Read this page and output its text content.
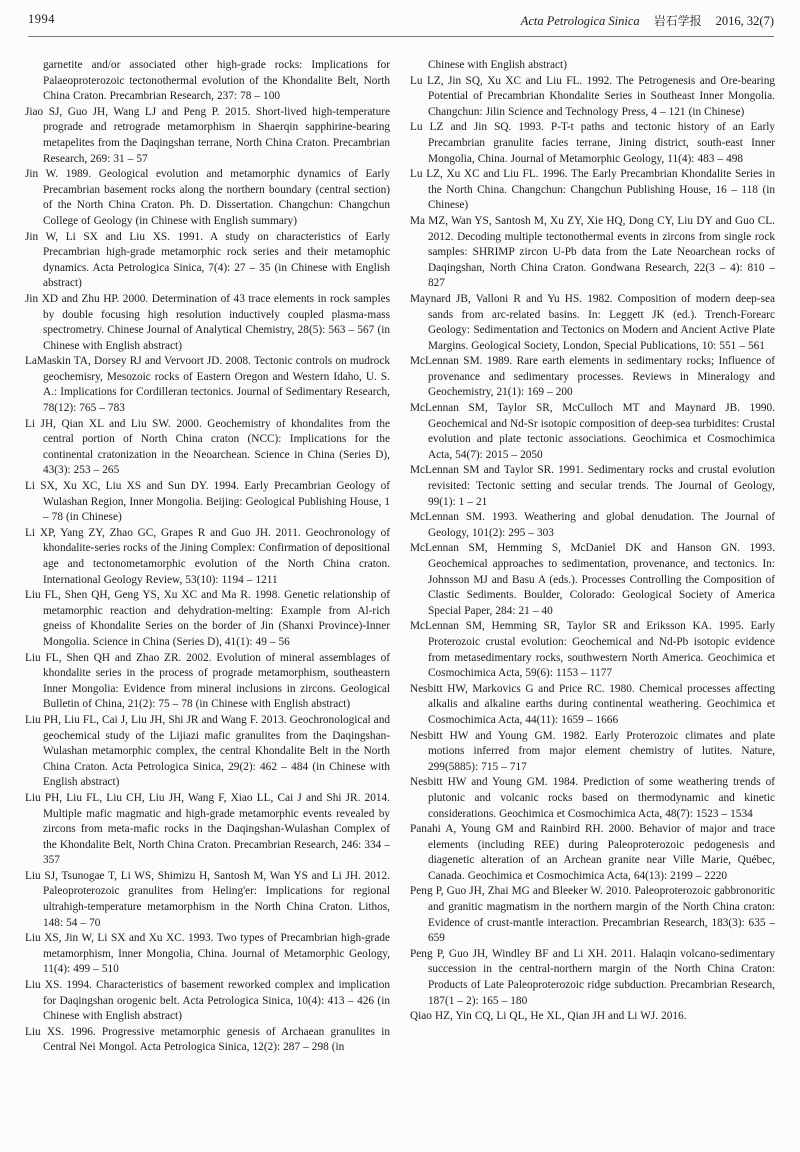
1994	Acta Petrologica Sinica 岩石学报 2016, 32(7)

garnetite and/or associated other high-grade rocks: Implications for Palaeoproterozoic tectonothermal evolution of the Khondalite Belt, North China Craton. Precambrian Research, 237: 78 – 100

Jiao SJ, Guo JH, Wang LJ and Peng P. 2015. Short-lived high-temperature prograde and retrograde metamorphism in Shaerqin sapphirine-bearing metapelites from the Daqingshan terrane, North China Craton. Precambrian Research, 269: 31 – 57

Jin W. 1989. Geological evolution and metamorphic dynamics of Early Precambrian basement rocks along the northern boundary (central section) of the North China Craton. Ph. D. Dissertation. Changchun: Changchun College of Geology (in Chinese with English summary)

Jin W, Li SX and Liu XS. 1991. A study on characteristics of Early Precambrian high-grade metamorphic rock series and their metamophic dynamics. Acta Petrologica Sinica, 7(4): 27 – 35 (in Chinese with English abstract)

Jin XD and Zhu HP. 2000. Determination of 43 trace elements in rock samples by double focusing high resolution inductively coupled plasma-mass spectrometry. Chinese Journal of Analytical Chemistry, 28(5): 563 – 567 (in Chinese with English abstract)

LaMaskin TA, Dorsey RJ and Vervoort JD. 2008. Tectonic controls on mudrock geochemisry, Mesozoic rocks of Eastern Oregon and Western Idaho, U. S. A.: Implications for Cordilleran tectonics. Journal of Sedimentary Research, 78(12): 765 – 783

Li JH, Qian XL and Liu SW. 2000. Geochemistry of khondalites from the central portion of North China craton (NCC): Implications for the continental cratonization in the Neoarchean. Science in China (Series D), 43(3): 253 – 265

Li SX, Xu XC, Liu XS and Sun DY. 1994. Early Precambrian Geology of Wulashan Region, Inner Mongolia. Beijing: Geological Publishing House, 1 – 78 (in Chinese)

Li XP, Yang ZY, Zhao GC, Grapes R and Guo JH. 2011. Geochronology of khondalite-series rocks of the Jining Complex: Confirmation of depositional age and tectonometamorphic evolution of the North China craton. International Geology Review, 53(10): 1194 – 1211

Liu FL, Shen QH, Geng YS, Xu XC and Ma R. 1998. Genetic relationship of metamorphic reaction and dehydration-melting: Example from Al-rich gneiss of Khondalite Series on the border of Jin (Shanxi Province)-Inner Mongolia. Science in China (Series D), 41(1): 49 – 56

Liu FL, Shen QH and Zhao ZR. 2002. Evolution of mineral assemblages of khondalite series in the process of prograde metamorphism, southeastern Inner Mongolia: Evidence from mineral inclusions in zircons. Geological Bulletin of China, 21(2): 75 – 78 (in Chinese with English abstract)

Liu PH, Liu FL, Cai J, Liu JH, Shi JR and Wang F. 2013. Geochronological and geochemical study of the Lijiazi mafic granulites from the Daqingshan-Wulashan metamorphic complex, the central Khondalite Belt in the North China Craton. Acta Petrologica Sinica, 29(2): 462 – 484 (in Chinese with English abstract)

Liu PH, Liu FL, Liu CH, Liu JH, Wang F, Xiao LL, Cai J and Shi JR. 2014. Multiple mafic magmatic and high-grade metamorphic events revealed by zircons from meta-mafic rocks in the Daqingshan-Wulashan Complex of the Khondalite Belt, North China Craton. Precambrian Research, 246: 334 – 357

Liu SJ, Tsunogae T, Li WS, Shimizu H, Santosh M, Wan YS and Li JH. 2012. Paleoproterozoic granulites from Heling'er: Implications for regional ultrahigh-temperature metamorphism in the North China Craton. Lithos, 148: 54 – 70

Liu XS, Jin W, Li SX and Xu XC. 1993. Two types of Precambrian high-grade metamorphism, Inner Mongolia, China. Journal of Metamorphic Geology, 11(4): 499 – 510

Liu XS. 1994. Characteristics of basement reworked complex and implication for Daqingshan orogenic belt. Acta Petrologica Sinica, 10(4): 413 – 426 (in Chinese with English abstract)

Liu XS. 1996. Progressive metamorphic genesis of Archaean granulites in Central Nei Mongol. Acta Petrologica Sinica, 12(2): 287 – 298 (in

Chinese with English abstract)

Lu LZ, Jin SQ, Xu XC and Liu FL. 1992. The Petrogenesis and Ore-bearing Potential of Precambrian Khondalite Series in Southeast Inner Mongolia. Changchun: Jilin Science and Technology Press, 4 – 121 (in Chinese)

Lu LZ and Jin SQ. 1993. P-T-t paths and tectonic history of an Early Precambrian granulite facies terrane, Jining district, south-east Inner Mongolia, China. Journal of Metamorphic Geology, 11(4): 483 – 498

Lu LZ, Xu XC and Liu FL. 1996. The Early Precambrian Khondalite Series in the North China. Changchun: Changchun Publishing House, 16 – 118 (in Chinese)

Ma MZ, Wan YS, Santosh M, Xu ZY, Xie HQ, Dong CY, Liu DY and Guo CL. 2012. Decoding multiple tectonothermal events in zircons from single rock samples: SHRIMP zircon U-Pb data from the Late Neoarchean rocks of Daqingshan, North China Craton. Gondwana Research, 22(3 – 4): 810 – 827

Maynard JB, Valloni R and Yu HS. 1982. Composition of modern deep-sea sands from arc-related basins. In: Leggett JK (ed.). Trench-Forearc Geology: Sedimentation and Tectonics on Modern and Ancient Active Plate Margins. Geological Society, London, Special Publications, 10: 551 – 561

McLennan SM. 1989. Rare earth elements in sedimentary rocks; Influence of provenance and sedimentary processes. Reviews in Mineralogy and Geochemistry, 21(1): 169 – 200

McLennan SM, Taylor SR, McCulloch MT and Maynard JB. 1990. Geochemical and Nd-Sr isotopic composition of deep-sea turbidites: Crustal evolution and plate tectonic associations. Geochimica et Cosmochimica Acta, 54(7): 2015 – 2050

McLennan SM and Taylor SR. 1991. Sedimentary rocks and crustal evolution revisited: Tectonic setting and secular trends. The Journal of Geology, 99(1): 1 – 21

McLennan SM. 1993. Weathering and global denudation. The Journal of Geology, 101(2): 295 – 303

McLennan SM, Hemming S, McDaniel DK and Hanson GN. 1993. Geochemical approaches to sedimentation, provenance, and tectonics. In: Johnsson MJ and Basu A (eds.). Processes Controlling the Composition of Clastic Sediments. Boulder, Colorado: Geological Society of America Special Paper, 284: 21 – 40

McLennan SM, Hemming SR, Taylor SR and Eriksson KA. 1995. Early Proterozoic crustal evolution: Geochemical and Nd-Pb isotopic evidence from metasedimentary rocks, southwestern North America. Geochimica et Cosmochimica Acta, 59(6): 1153 – 1177

Nesbitt HW, Markovics G and Price RC. 1980. Chemical processes affecting alkalis and alkaline earths during continental weathering. Geochimica et Cosmochimica Acta, 44(11): 1659 – 1666

Nesbitt HW and Young GM. 1982. Early Proterozoic climates and plate motions inferred from major element chemistry of lutites. Nature, 299(5885): 715 – 717

Nesbitt HW and Young GM. 1984. Prediction of some weathering trends of plutonic and volcanic rocks based on thermodynamic and kinetic considerations. Geochimica et Cosmochimica Acta, 48(7): 1523 – 1534

Panahi A, Young GM and Rainbird RH. 2000. Behavior of major and trace elements (including REE) during Paleoproterozoic pedogenesis and diagenetic alteration of an Archean granite near Ville Marie, Québec, Canada. Geochimica et Cosmochimica Acta, 64(13): 2199 – 2220

Peng P, Guo JH, Zhai MG and Bleeker W. 2010. Paleoproterozoic gabbronoritic and granitic magmatism in the northern margin of the North China craton: Evidence of crust-mantle interaction. Precambrian Research, 183(3): 635 – 659

Peng P, Guo JH, Windley BF and Li XH. 2011. Halaqin volcano-sedimentary succession in the central-northern margin of the North China Craton: Products of Late Paleoproterozoic ridge subduction. Precambrian Research, 187(1 – 2): 165 – 180

Qiao HZ, Yin CQ, Li QL, He XL, Qian JH and Li WJ. 2016.
